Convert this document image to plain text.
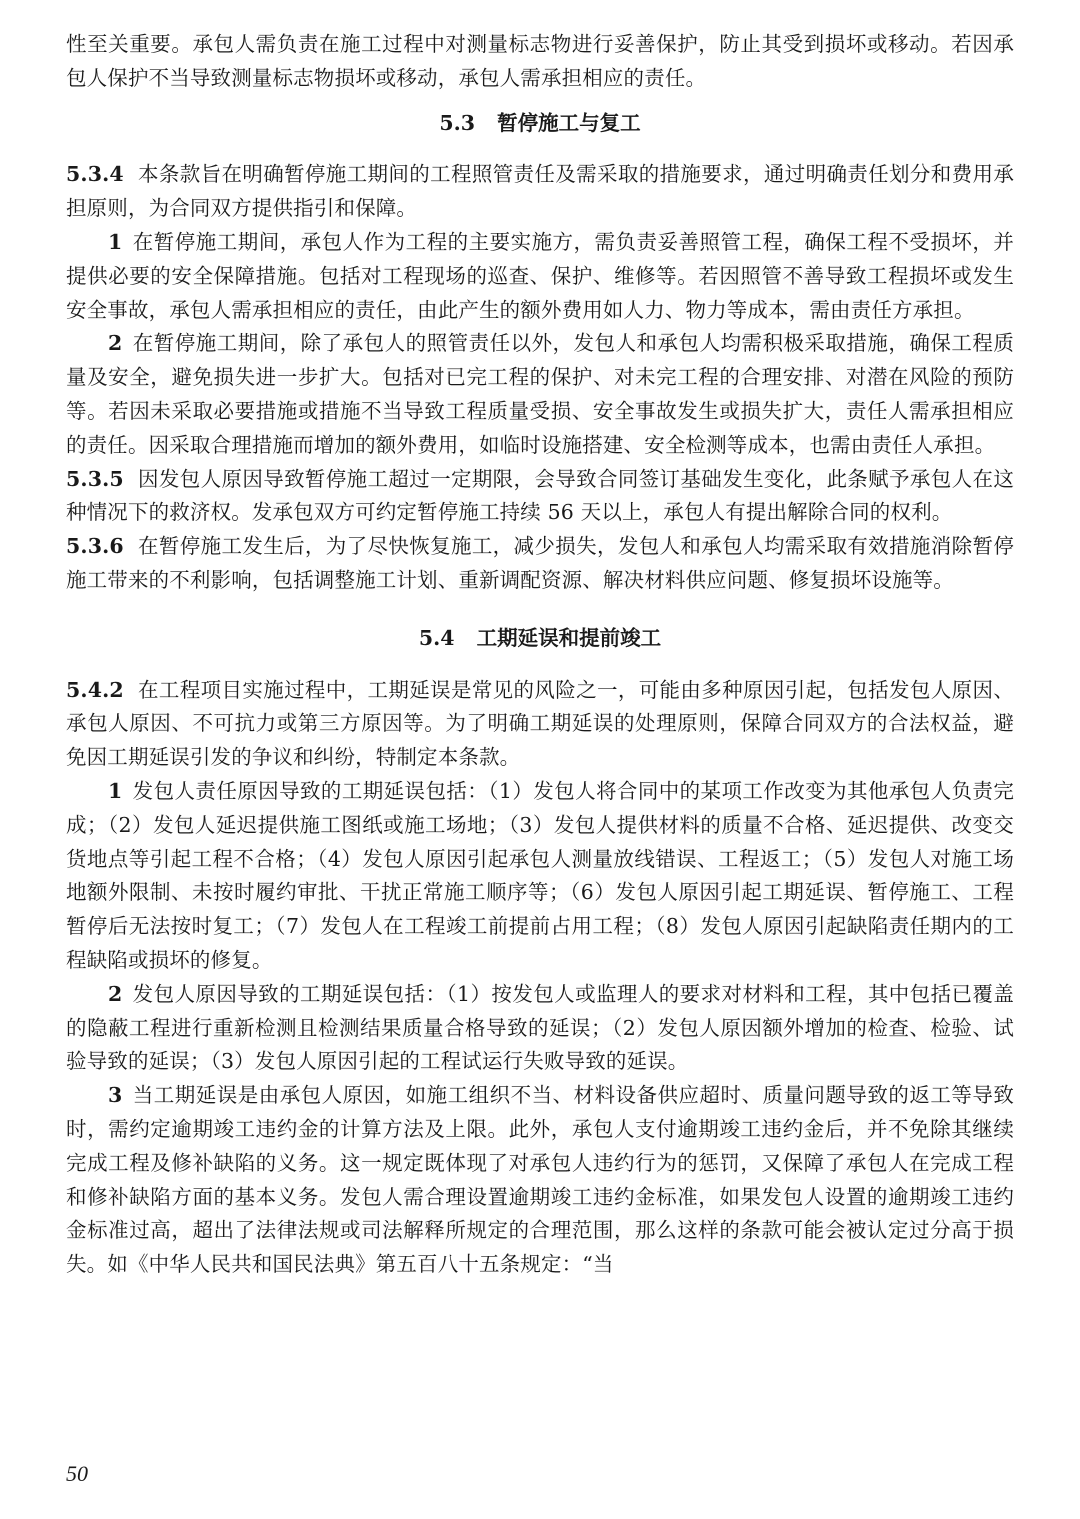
性至关重要。承包人需负责在施工过程中对测量标志物进行妥善保护，防止其受到损坏或移动。若因承包人保护不当导致测量标志物损坏或移动，承包人需承担相应的责任。

5.3 暂停施工与复工

5.3.4 本条款旨在明确暂停施工期间的工程照管责任及需采取的措施要求，通过明确责任划分和费用承担原则，为合同双方提供指引和保障。

1 在暂停施工期间，承包人作为工程的主要实施方，需负责妥善照管工程，确保工程不受损坏，并提供必要的安全保障措施。包括对工程现场的巡查、保护、维修等。若因照管不善导致工程损坏或发生安全事故，承包人需承担相应的责任，由此产生的额外费用如人力、物力等成本，需由责任方承担。

2 在暂停施工期间，除了承包人的照管责任以外，发包人和承包人均需积极采取措施，确保工程质量及安全，避免损失进一步扩大。包括对已完工程的保护、对未完工程的合理安排、对潜在风险的预防等。若因未采取必要措施或措施不当导致工程质量受损、安全事故发生或损失扩大，责任人需承担相应的责任。因采取合理措施而增加的额外费用，如临时设施搭建、安全检测等成本，也需由责任人承担。

5.3.5 因发包人原因导致暂停施工超过一定期限，会导致合同签订基础发生变化，此条赋予承包人在这种情况下的救济权。发承包双方可约定暂停施工持续 56 天以上，承包人有提出解除合同的权利。

5.3.6 在暂停施工发生后，为了尽快恢复施工，减少损失，发包人和承包人均需采取有效措施消除暂停施工带来的不利影响，包括调整施工计划、重新调配资源、解决材料供应问题、修复损坏设施等。

5.4 工期延误和提前竣工

5.4.2 在工程项目实施过程中，工期延误是常见的风险之一，可能由多种原因引起，包括发包人原因、承包人原因、不可抗力或第三方原因等。为了明确工期延误的处理原则，保障合同双方的合法权益，避免因工期延误引发的争议和纠纷，特制定本条款。

1 发包人责任原因导致的工期延误包括：（1）发包人将合同中的某项工作改变为其他承包人负责完成；（2）发包人延迟提供施工图纸或施工场地；（3）发包人提供材料的质量不合格、延迟提供、改变交货地点等引起工程不合格；（4）发包人原因引起承包人测量放线错误、工程返工；（5）发包人对施工场地额外限制、未按时履约审批、干扰正常施工顺序等；（6）发包人原因引起工期延误、暂停施工、工程暂停后无法按时复工；（7）发包人在工程竣工前提前占用工程；（8）发包人原因引起缺陷责任期内的工程缺陷或损坏的修复。

2 发包人原因导致的工期延误包括：（1）按发包人或监理人的要求对材料和工程，其中包括已覆盖的隐蔽工程进行重新检测且检测结果质量合格导致的延误；（2）发包人原因额外增加的检查、检验、试验导致的延误；（3）发包人原因引起的工程试运行失败导致的延误。

3 当工期延误是由承包人原因，如施工组织不当、材料设备供应超时、质量问题导致的返工等导致时，需约定逾期竣工违约金的计算方法及上限。此外，承包人支付逾期竣工违约金后，并不免除其继续完成工程及修补缺陷的义务。这一规定既体现了对承包人违约行为的惩罚，又保障了承包人在完成工程和修补缺陷方面的基本义务。发包人需合理设置逾期竣工违约金标准，如果发包人设置的逾期竣工违约金标准过高，超出了法律法规或司法解释所规定的合理范围，那么这样的条款可能会被认定过分高于损失。如《中华人民共和国民法典》第五百八十五条规定：“当

50
